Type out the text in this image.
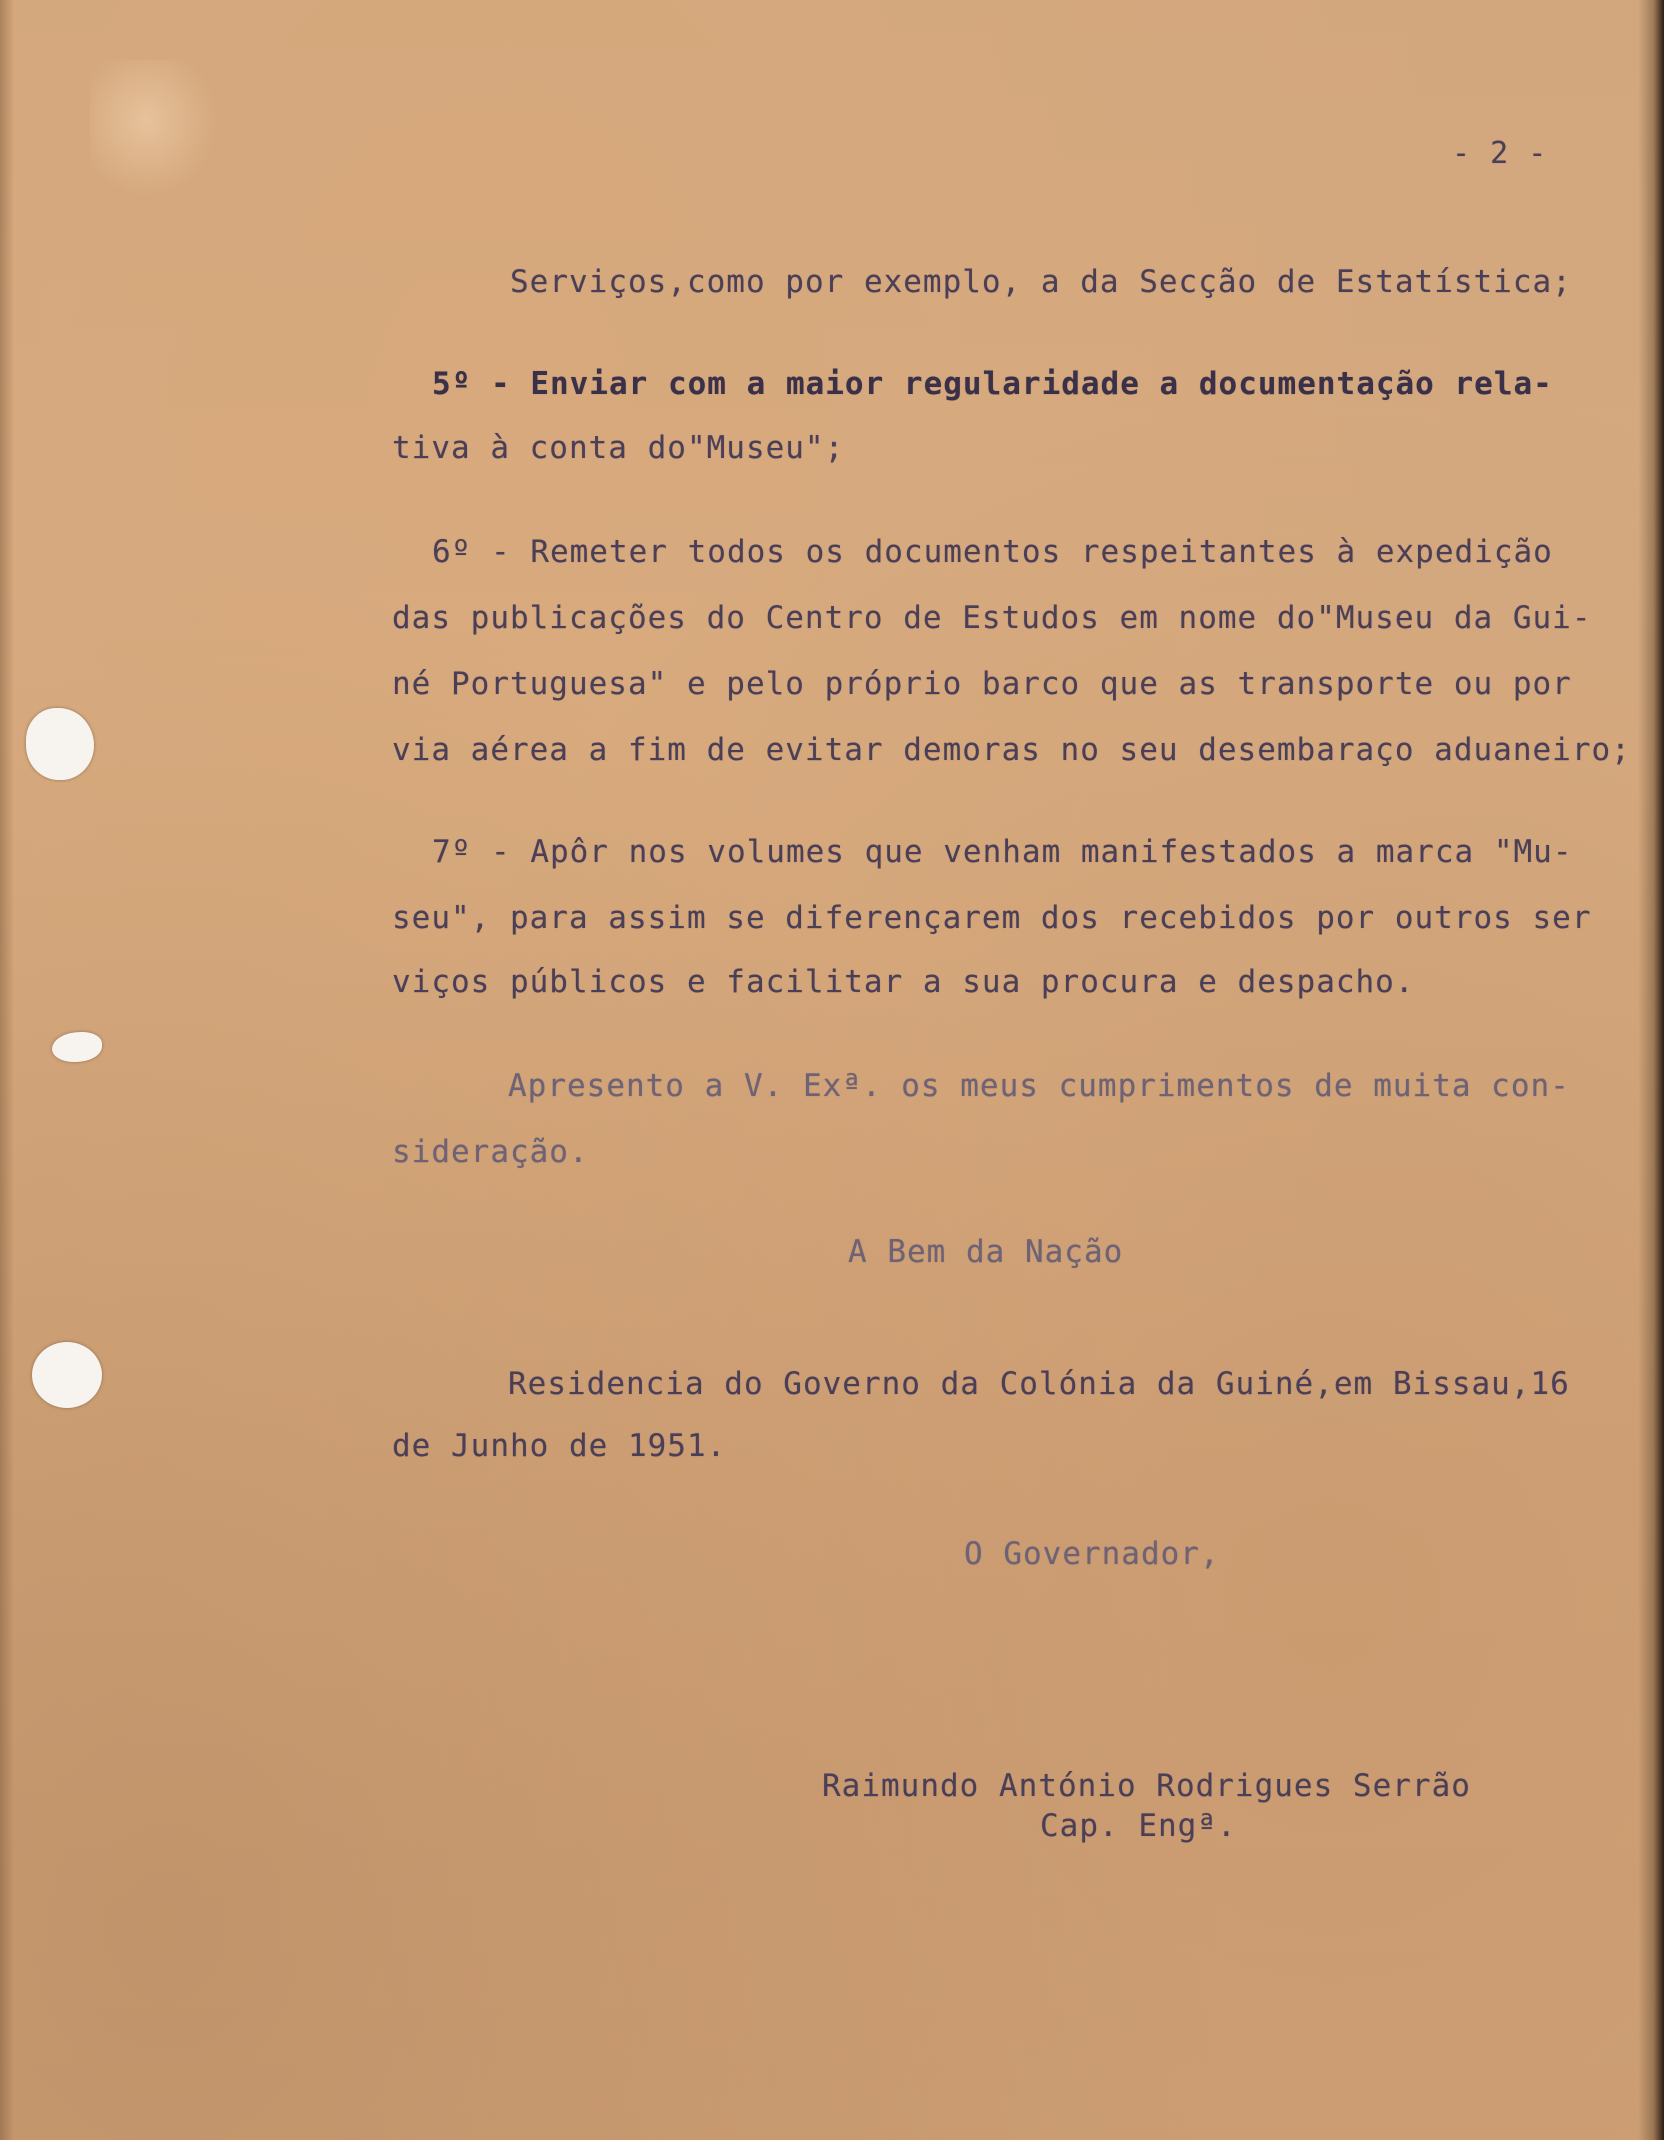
- 2 -
Serviços,como por exemplo, a da Secção de Estatística;
5º - Enviar com a maior regularidade a documentação rela-
tiva à conta do"Museu";
6º - Remeter todos os documentos respeitantes à expedição
das publicações do Centro de Estudos em nome do"Museu da Gui-
né Portuguesa" e pelo próprio barco que as transporte ou por
via aérea a fim de evitar demoras no seu desembaraço aduaneiro;
7º - Apôr nos volumes que venham manifestados a marca "Mu-
seu", para assim se diferençarem dos recebidos por outros ser
viços públicos e facilitar a sua procura e despacho.
Apresento a V. Exª. os meus cumprimentos de muita con-
sideração.
A Bem da Nação
Residencia do Governo da Colónia da Guiné,em Bissau,16
de Junho de 1951.
O Governador,
Raimundo António Rodrigues Serrão
Cap. Engª.
